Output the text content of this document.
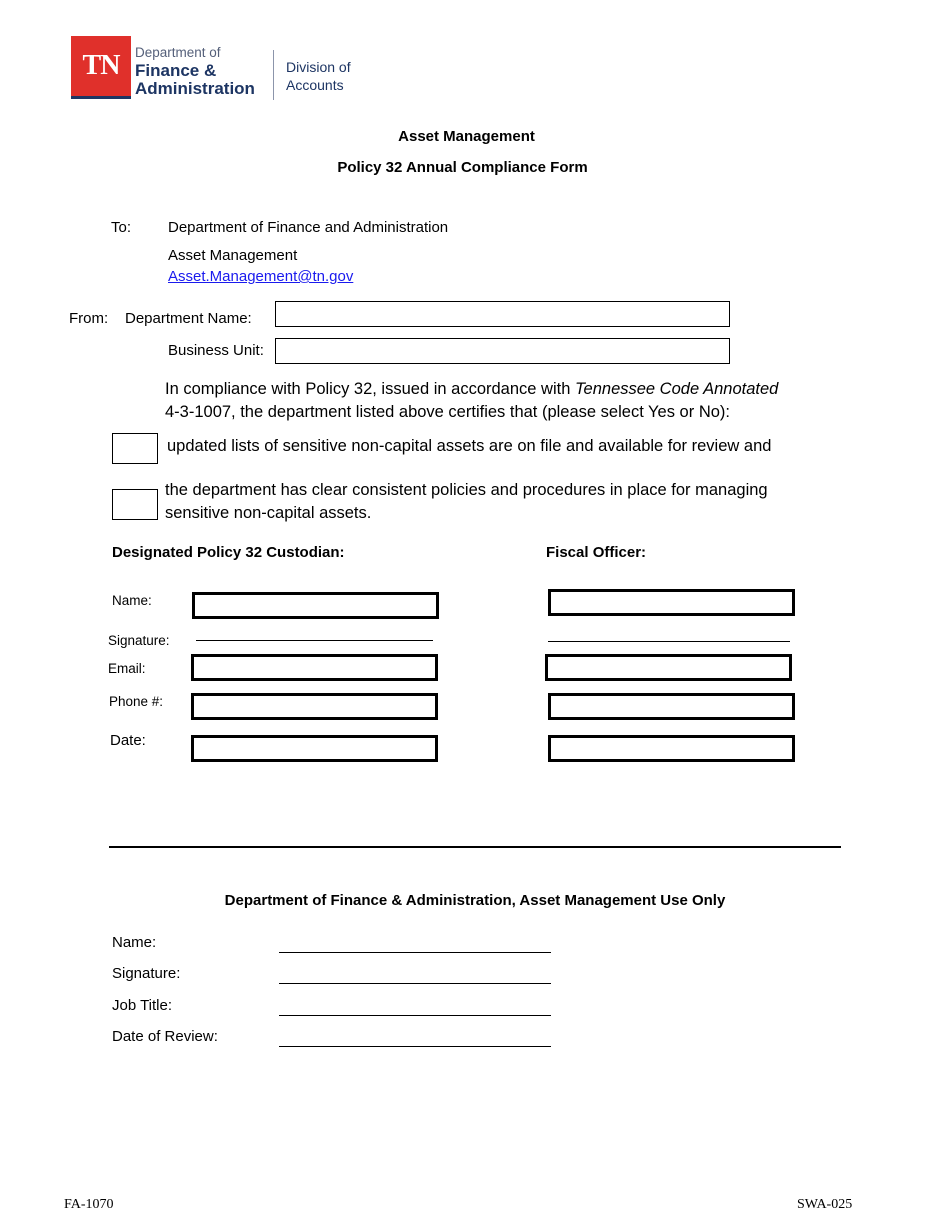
TN	Department of
Finance &
Administration
Division of
Accounts
Asset Management
Policy 32 Annual Compliance Form
To: Department of Finance and Administration
Asset Management
Asset.Management@tn.gov
From: Department Name:
Business Unit:
In compliance with Policy 32, issued in accordance with Tennessee Code Annotated
4-3-1007, the department listed above certifies that (please select Yes or No):
updated lists of sensitive non-capital assets are on file and available for review and
the department has clear consistent policies and procedures in place for managing
sensitive non-capital assets.
Designated Policy 32 Custodian:	Fiscal Officer:
Name:
Signature:
Email:
Phone #:
Date:
Department of Finance & Administration, Asset Management Use Only
Name:
Signature:
Job Title:
Date of Review:
FA-1070	SWA-025
